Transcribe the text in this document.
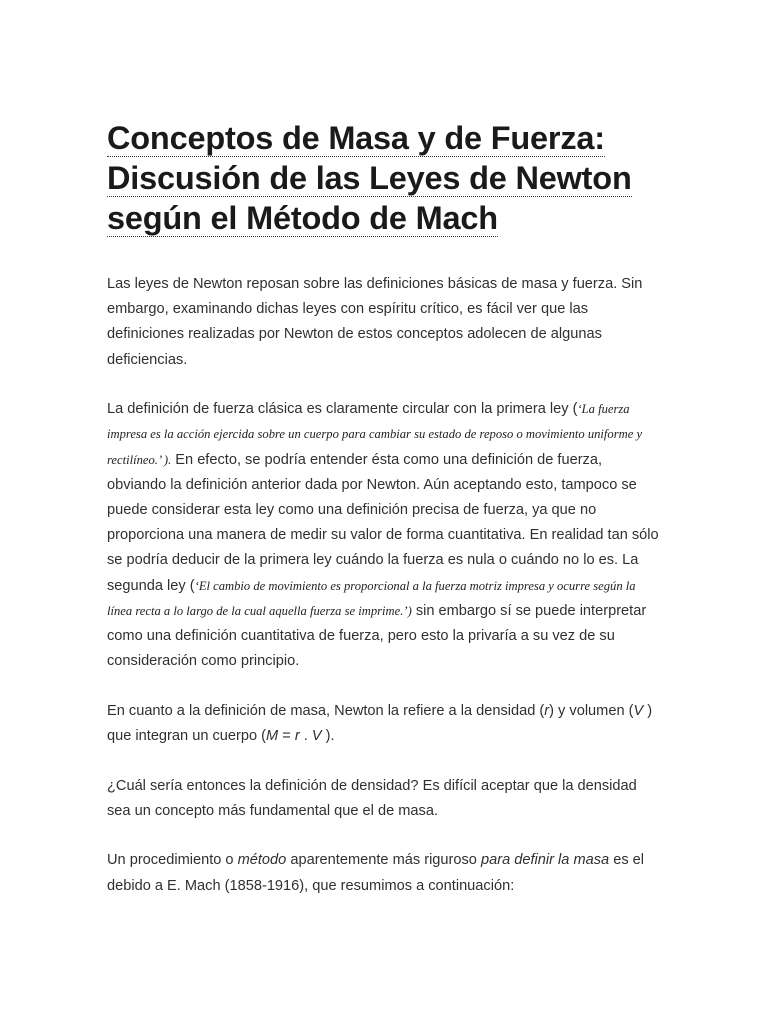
Conceptos de Masa y de Fuerza:
Discusión de las Leyes de Newton
según el Método de Mach

Las leyes de Newton reposan sobre las definiciones básicas de masa y fuerza. Sin embargo, examinando dichas leyes con espíritu crítico, es fácil ver que las definiciones realizadas por Newton de estos conceptos adolecen de algunas deficiencias.

La definición de fuerza clásica es claramente circular con la primera ley (‘La fuerza impresa es la acción ejercida sobre un cuerpo para cambiar su estado de reposo o movimiento uniforme y rectilíneo.’ ). En efecto, se podría entender ésta como una definición de fuerza, obviando la definición anterior dada por Newton. Aún aceptando esto, tampoco se puede considerar esta ley como una definición precisa de fuerza, ya que no proporciona una manera de medir su valor de forma cuantitativa. En realidad tan sólo se podría deducir de la primera ley cuándo la fuerza es nula o cuándo no lo es. La segunda ley (‘El cambio de movimiento es proporcional a la fuerza motriz impresa y ocurre según la línea recta a lo largo de la cual aquella fuerza se imprime.’) sin embargo sí se puede interpretar como una definición cuantitativa de fuerza, pero esto la privaría a su vez de su consideración como principio.

En cuanto a la definición de masa, Newton la refiere a la densidad (r) y volumen (V ) que integran un cuerpo (M = r . V ).

¿Cuál sería entonces la definición de densidad? Es difícil aceptar que la densidad sea un concepto más fundamental que el de masa.

Un procedimiento o método aparentemente más riguroso para definir la masa es el debido a E. Mach (1858-1916), que resumimos a continuación:
